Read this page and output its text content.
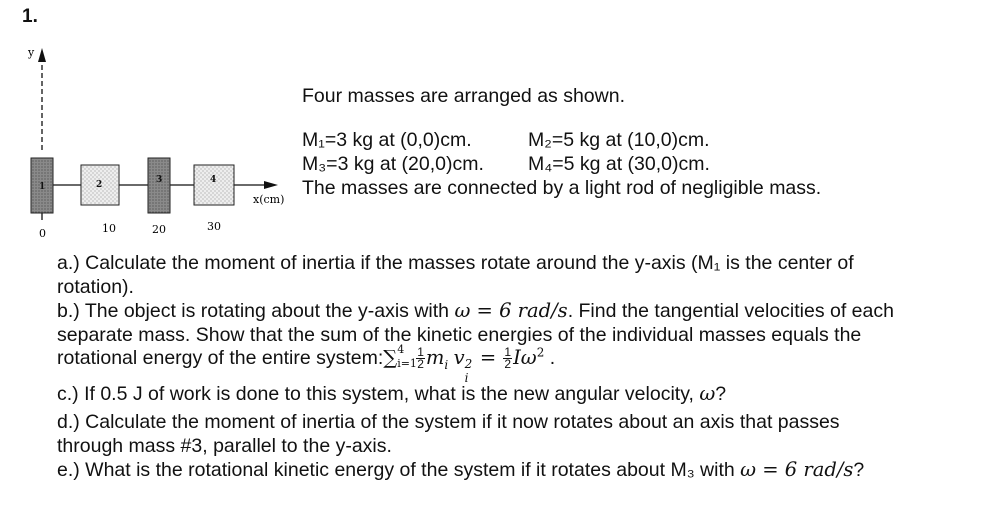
1.
y
x(cm)
1	2	3	4
0	10	20	30
Four masses are arranged as shown.
M₁=3 kg at (0,0)cm.	M₂=5 kg at (10,0)cm.
M₃=3 kg at (20,0)cm. M₄=5 kg at (30,0)cm.
The masses are connected by a light rod of negligible mass.
a.) Calculate the moment of inertia if the masses rotate around the y-axis (M₁ is the center of
rotation).
b.) The object is rotating about the y-axis with ω = 6 rad/s. Find the tangential velocities of each
separate mass. Show that the sum of the kinetic energies of the individual masses equals the
rotational energy of the entire system:∑ 4
$i=1 \frac{1}{2} m_i$ v 2
i
= $\frac{1}{2} I\omega^2$ .
c.) If 0.5 J of work is done to this system, what is the new angular velocity, ω?
d.) Calculate the moment of inertia of the system if it now rotates about an axis that passes
through mass #3, parallel to the y-axis.
e.) What is the rotational kinetic energy of the system if it rotates about M₃ with ω = 6 rad/s?
